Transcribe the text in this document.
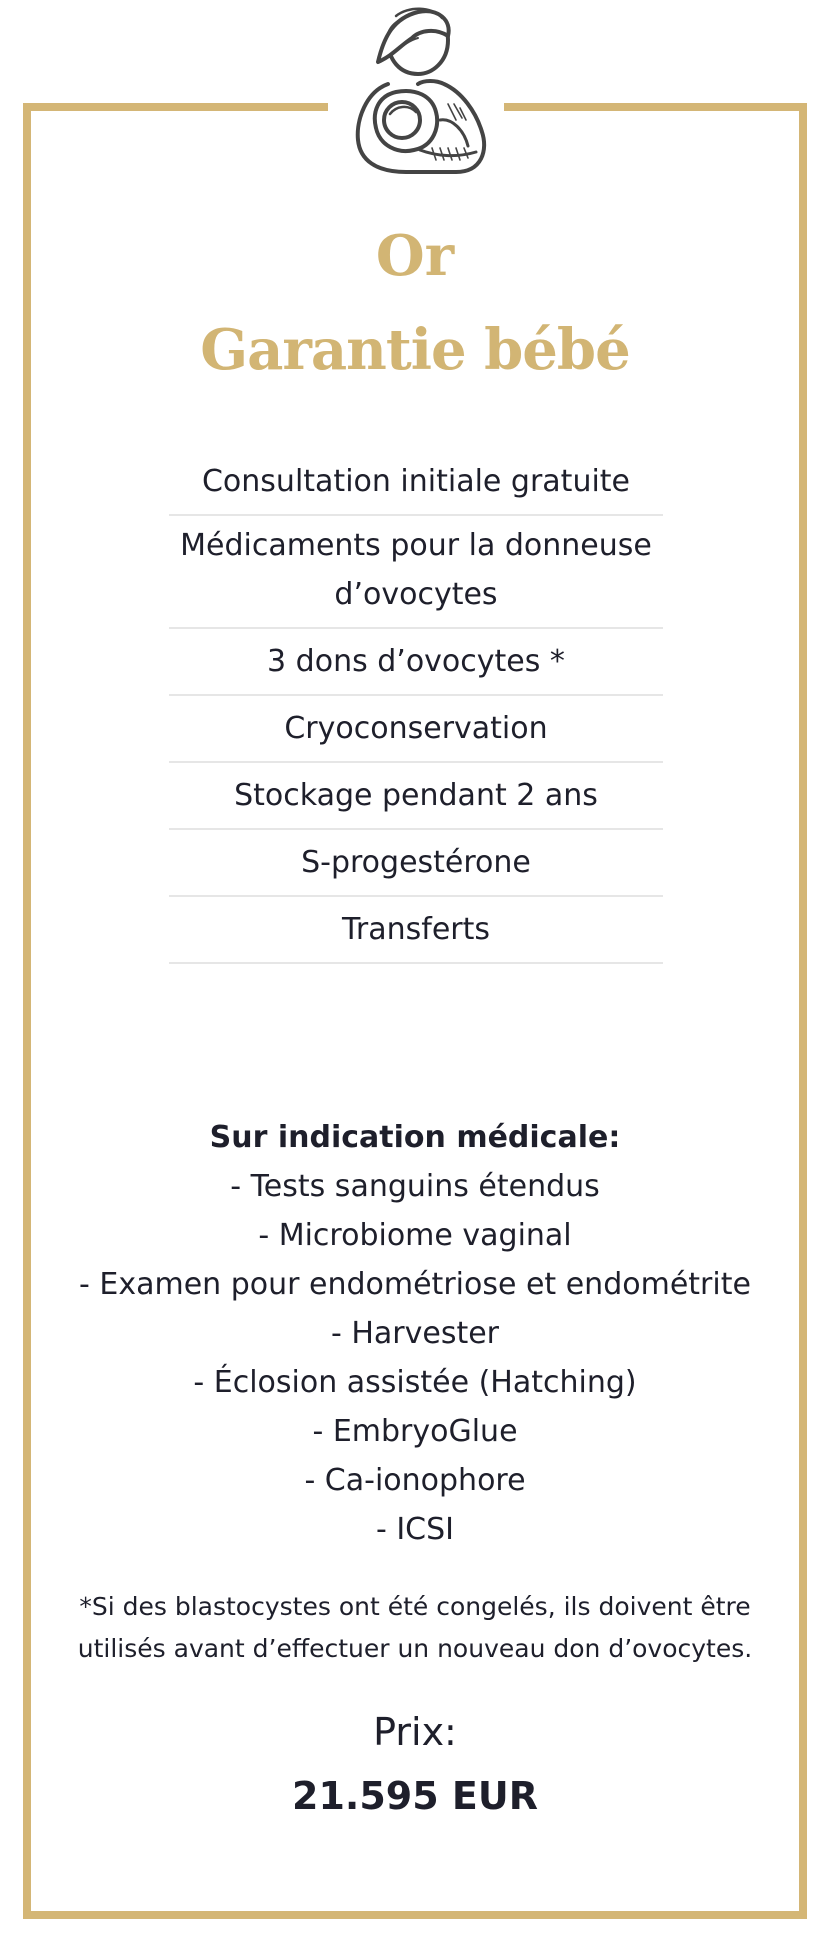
Or
Garantie bébé
Consultation initiale gratuite
Médicaments pour la donneuse d’ovocytes
3 dons d’ovocytes *
Cryoconservation
Stockage pendant 2 ans
S-progestérone
Transferts
Sur indication médicale:
- Tests sanguins étendus
- Microbiome vaginal
- Examen pour endométriose et endométrite
- Harvester
- Éclosion assistée (Hatching)
- EmbryoGlue
- Ca-ionophore
- ICSI

*Si des blastocystes ont été congelés, ils doivent être utilisés avant d’effectuer un nouveau don d’ovocytes.

Prix:

21.595 EUR
